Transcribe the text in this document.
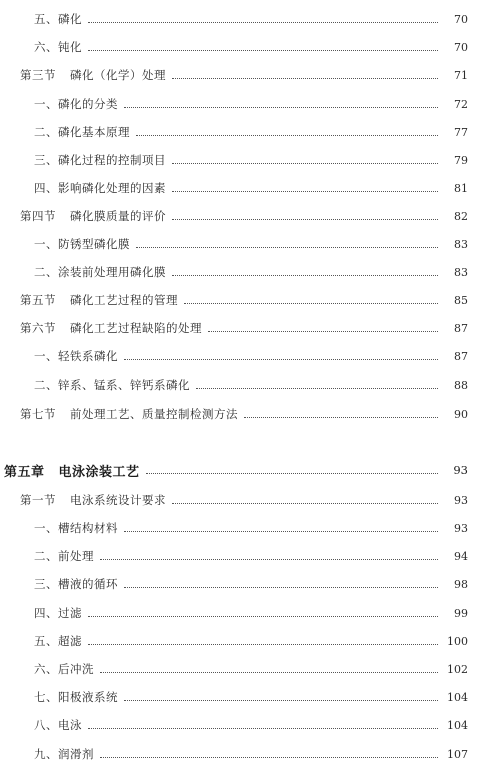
五、磷化	70
六、钝化	70
第三节 磷化（化学）处理	71
一、磷化的分类	72
二、磷化基本原理	77
三、磷化过程的控制项目	79
四、影响磷化处理的因素	81
第四节 磷化膜质量的评价	82
一、防锈型磷化膜	83
二、涂装前处理用磷化膜	83
第五节 磷化工艺过程的管理	85
第六节 磷化工艺过程缺陷的处理	87
一、轻铁系磷化	87
二、锌系、锰系、锌钙系磷化	88
第七节 前处理工艺、质量控制检测方法	90
第五章 电泳涂装工艺	93
第一节 电泳系统设计要求	93
一、槽结构材料	93
二、前处理	94
三、槽液的循环	98
四、过滤	99
五、超滤	100
六、后冲洗	102
七、阳极液系统	104
八、电泳	104
九、润滑剂	107
